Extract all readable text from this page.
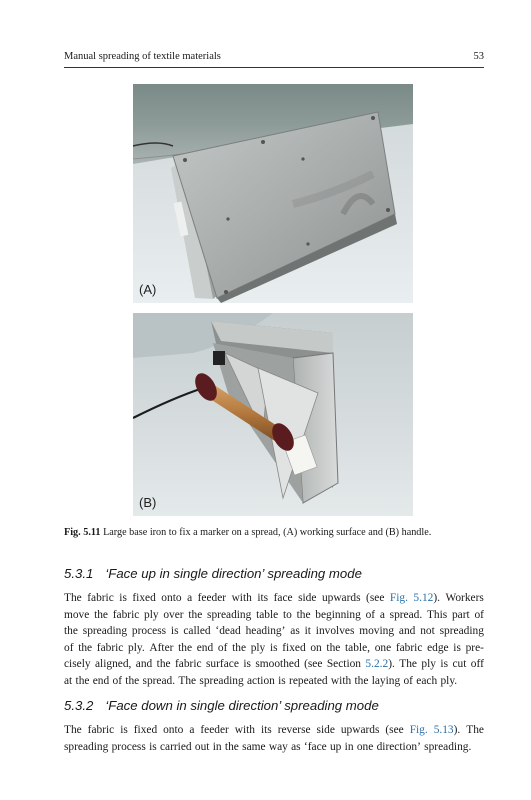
Manual spreading of textile materials	53
(A)
(B)
Fig. 5.11 Large base iron to fix a marker on a spread, (A) working surface and (B) handle.
5.3.1 ‘Face up in single direction’ spreading mode
The fabric is fixed onto a feeder with its face side upwards (see Fig. 5.12). Workers
move the fabric ply over the spreading table to the beginning of a spread. This part of
the spreading process is called ‘dead heading’ as it involves moving and not spreading
of the fabric ply. After the end of the ply is fixed on the table, one fabric edge is pre-
cisely aligned, and the fabric surface is smoothed (see Section 5.2.2). The ply is cut off
at the end of the spread. The spreading action is repeated with the laying of each ply.
5.3.2 ‘Face down in single direction’ spreading mode
The fabric is fixed onto a feeder with its reverse side upwards (see Fig. 5.13). The
spreading process is carried out in the same way as ‘face up in one direction’ spreading.
